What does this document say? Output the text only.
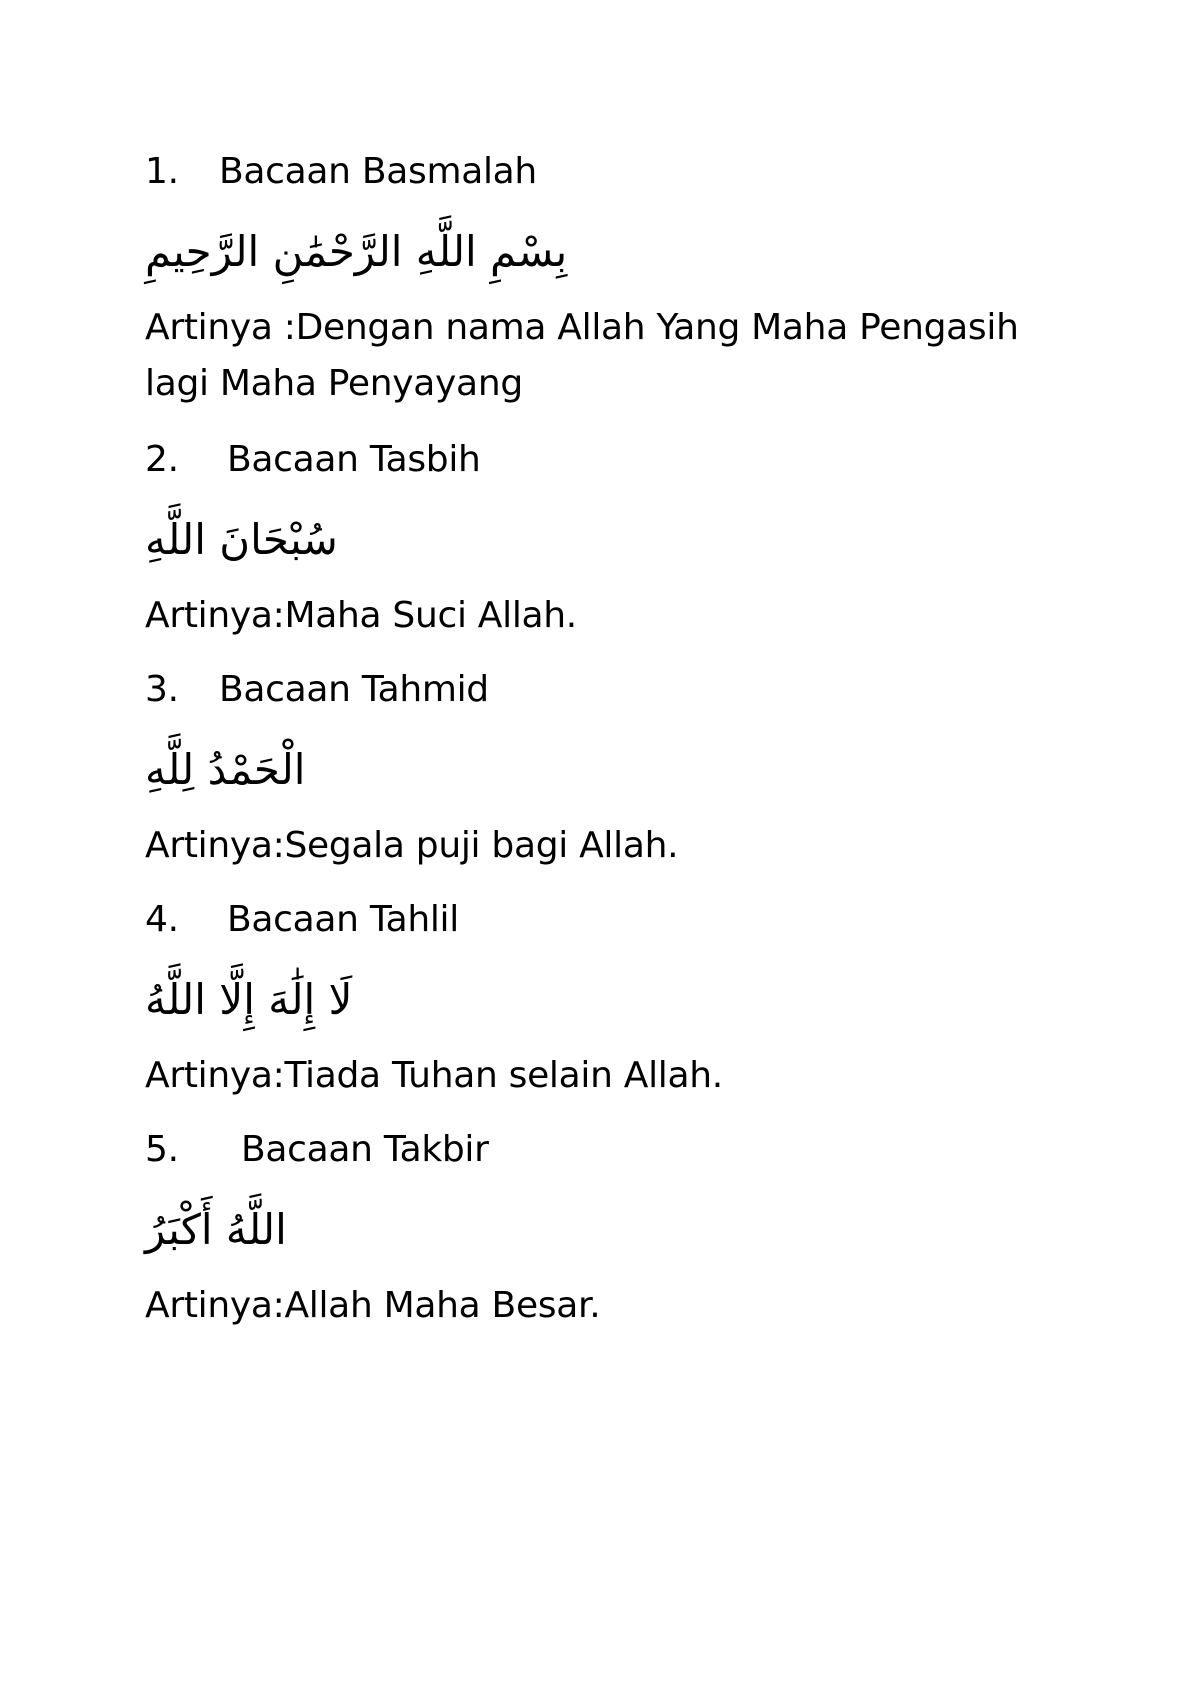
1. Bacaan Basmalah
بِسْمِ اللَّهِ الرَّحْمَٰنِ الرَّحِيمِ
Artinya :Dengan nama Allah Yang Maha Pengasih lagi Maha Penyayang
2. Bacaan Tasbih
سُبْحَانَ اللَّهِ
Artinya:Maha Suci Allah.
3. Bacaan Tahmid
الْحَمْدُ لِلَّهِ
Artinya:Segala puji bagi Allah.
4. Bacaan Tahlil
لَا إِلَٰهَ إِلَّا اللَّهُ
Artinya:Tiada Tuhan selain Allah.
5. Bacaan Takbir
اللَّهُ أَكْبَرُ
Artinya:Allah Maha Besar.
